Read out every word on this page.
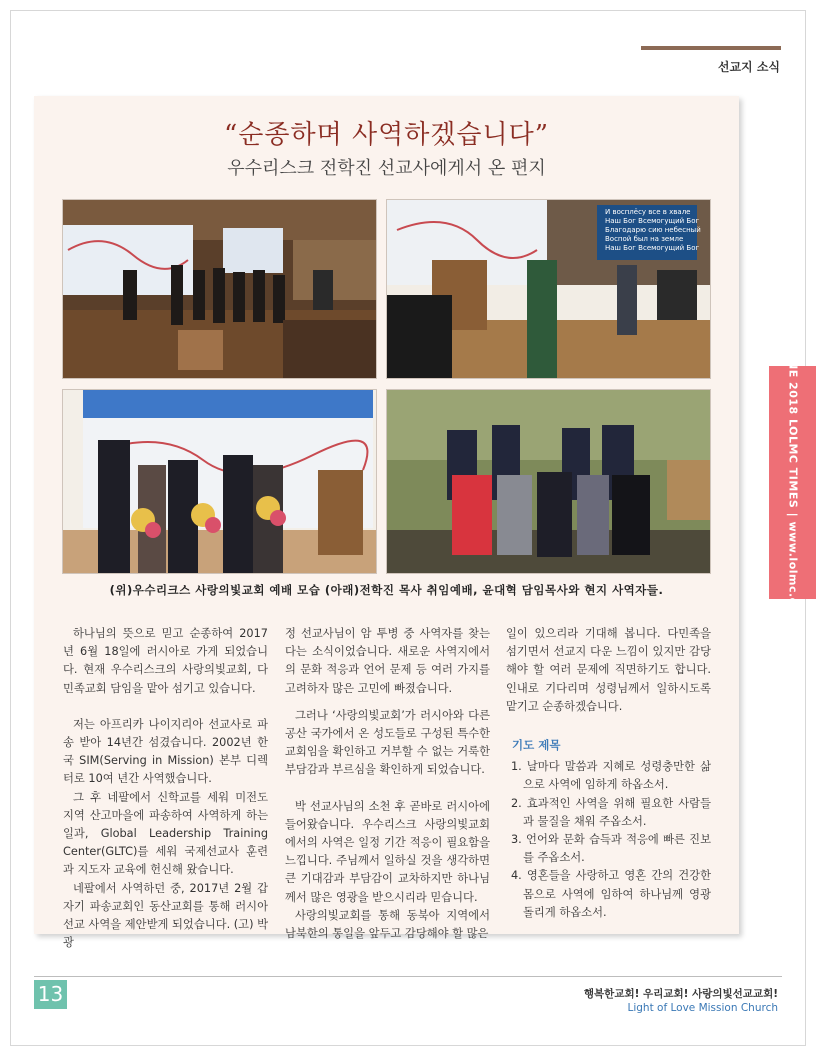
선교지 소식
“순종하며 사역하겠습니다”
우수리스크 전학진 선교사에게서 온 편지
И восплёсу все в хвале
Наш Бог Всемогущий Бог
Благодарю сию небесный
Воспой был на земле
Наш Бог Всемогущий Бог
(위)우수리크스 사랑의빛교회 예배 모습 (아래)전학진 목사 취임예배, 윤대혁 담임목사와 현지 사역자들.

하나님의 뜻으로 믿고 순종하여 2017년 6월 18일에 러시아로 가게 되었습니다. 현재 우수리스크의 사랑의빛교회, 다민족교회 담임을 맡아 섬기고 있습니다.

저는 아프리카 나이지리아 선교사로 파송 받아 14년간 섬겼습니다. 2002년 한국 SIM(Serving in Mission) 본부 디렉터로 10여 년간 사역했습니다.

그 후 네팔에서 신학교를 세워 미전도 지역 산고마을에 파송하여 사역하게 하는 일과, Global Leadership Training Center(GLTC)를 세워 국제선교사 훈련과 지도자 교육에 헌신해 왔습니다.

네팔에서 사역하던 중, 2017년 2월 갑자기 파송교회인 동산교회를 통해 러시아 선교 사역을 제안받게 되었습니다. (고) 박광

정 선교사님이 암 투병 중 사역자를 찾는다는 소식이었습니다. 새로운 사역지에서의 문화 적응과 언어 문제 등 여러 가지를 고려하자 많은 고민에 빠졌습니다.

그러나 ‘사랑의빛교회’가 러시아와 다른 공산 국가에서 온 성도들로 구성된 특수한 교회임을 확인하고 거부할 수 없는 거룩한 부담감과 부르심을 확인하게 되었습니다.

박 선교사님의 소천 후 곧바로 러시아에 들어왔습니다. 우수리스크 사랑의빛교회에서의 사역은 일정 기간 적응이 필요함을 느낍니다. 주님께서 일하실 것을 생각하면 큰 기대감과 부담감이 교차하지만 하나님께서 많은 영광을 받으시리라 믿습니다.

사랑의빛교회를 통해 동북아 지역에서 남북한의 통일을 앞두고 감당해야 할 많은

일이 있으리라 기대해 봅니다. 다민족을 섬기면서 선교지 다운 느낌이 있지만 감당해야 할 여러 문제에 직면하기도 합니다. 인내로 기다리며 성령님께서 일하시도록 맡기고 순종하겠습니다.

기도 제목
1. 날마다 말씀과 지혜로 성령충만한 삶으로 사역에 임하게 하옵소서.
2. 효과적인 사역을 위해 필요한 사람들과 물질을 채워 주옵소서.
3. 언어와 문화 습득과 적응에 빠른 진보를 주옵소서.
4. 영혼들을 사랑하고 영혼 간의 건강한 몸으로 사역에 임하여 하나님께 영광 돌리게 하옵소서.
JUNE 2018 LOLMC TIMES | www.lolmc.org
13	행복한교회! 우리교회! 사랑의빛선교교회!
Light of Love Mission Church
